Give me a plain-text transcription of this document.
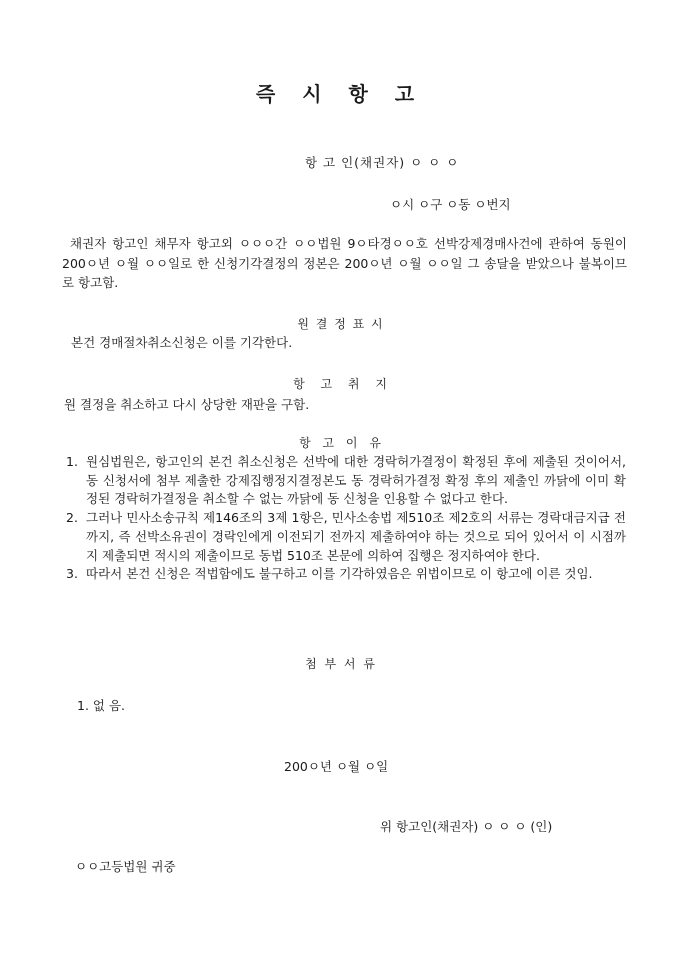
즉 시 항 고
항 고 인(채권자) ㅇ ㅇ ㅇ
ㅇ시 ㅇ구 ㅇ동 ㅇ번지

채권자 항고인 채무자 항고외 ㅇㅇㅇ간 ㅇㅇ법원 9ㅇ타경ㅇㅇ호 선박강제경매사건에 관하여 동원이 200ㅇ년 ㅇ월 ㅇㅇ일로 한 신청기각결정의 정본은 200ㅇ년 ㅇ월 ㅇㅇ일 그 송달을 받았으나 불복이므로 항고함.

원 결 정 표 시
본건 경매절차취소신청은 이를 기각한다.
항 고 취 지
원 결정을 취소하고 다시 상당한 재판을 구함.
항 고 이 유
1. 원심법원은, 항고인의 본건 취소신청은 선박에 대한 경락허가결정이 확정된 후에 제출된 것이어서, 동 신청서에 첨부 제출한 강제집행정지결정본도 동 경락허가결정 확정 후의 제출인 까닭에 이미 확정된 경락허가결정을 취소할 수 없는 까닭에 동 신청을 인용할 수 없다고 한다.
2. 그러나 민사소송규칙 제146조의 3제 1항은, 민사소송법 제510조 제2호의 서류는 경락대금지급 전까지, 즉 선박소유권이 경락인에게 이전되기 전까지 제출하여야 하는 것으로 되어 있어서 이 시점까지 제출되면 적시의 제출이므로 동법 510조 본문에 의하여 집행은 정지하여야 한다.
3. 따라서 본건 신청은 적법함에도 불구하고 이를 기각하였음은 위법이므로 이 항고에 이른 것임.
첨 부 서 류
1. 없 음.
200ㅇ년 ㅇ월 ㅇ일
위 항고인(채권자) ㅇ ㅇ ㅇ (인)
ㅇㅇ고등법원 귀중
